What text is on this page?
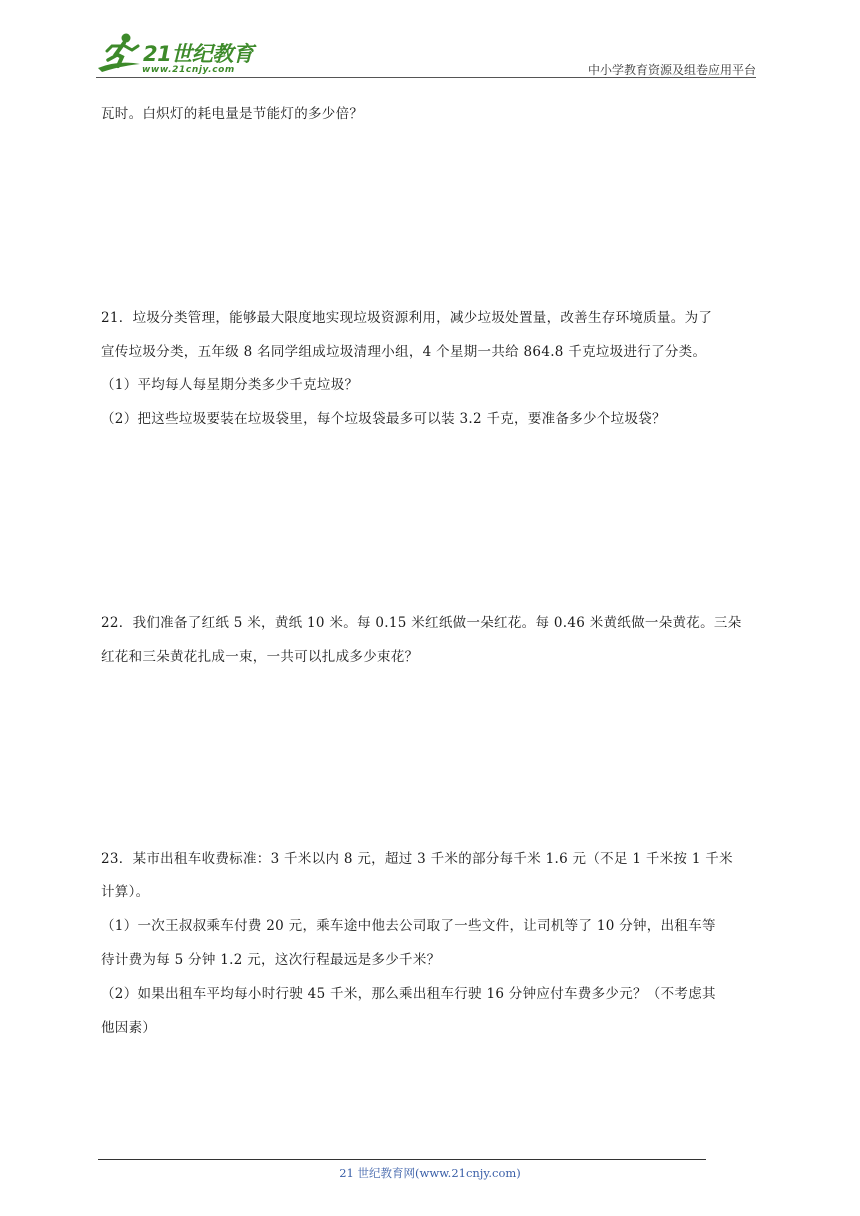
21世纪教育
www.21cnjy.com	中小学教育资源及组卷应用平台

瓦时。白炽灯的耗电量是节能灯的多少倍？

21．垃圾分类管理，能够最大限度地实现垃圾资源利用，减少垃圾处置量，改善生存环境质量。为了

宣传垃圾分类，五年级 8 名同学组成垃圾清理小组，4 个星期一共给 864.8 千克垃圾进行了分类。

（1）平均每人每星期分类多少千克垃圾？

（2）把这些垃圾要装在垃圾袋里，每个垃圾袋最多可以装 3.2 千克，要准备多少个垃圾袋？

22．我们准备了红纸 5 米，黄纸 10 米。每 0.15 米红纸做一朵红花。每 0.46 米黄纸做一朵黄花。三朵

红花和三朵黄花扎成一束，一共可以扎成多少束花？

23．某市出租车收费标准：3 千米以内 8 元，超过 3 千米的部分每千米 1.6 元（不足 1 千米按 1 千米

计算）。

（1）一次王叔叔乘车付费 20 元，乘车途中他去公司取了一些文件，让司机等了 10 分钟，出租车等

待计费为每 5 分钟 1.2 元，这次行程最远是多少千米？

（2）如果出租车平均每小时行驶 45 千米，那么乘出租车行驶 16 分钟应付车费多少元？（不考虑其

他因素）

21 世纪教育网(www.21cnjy.com)
